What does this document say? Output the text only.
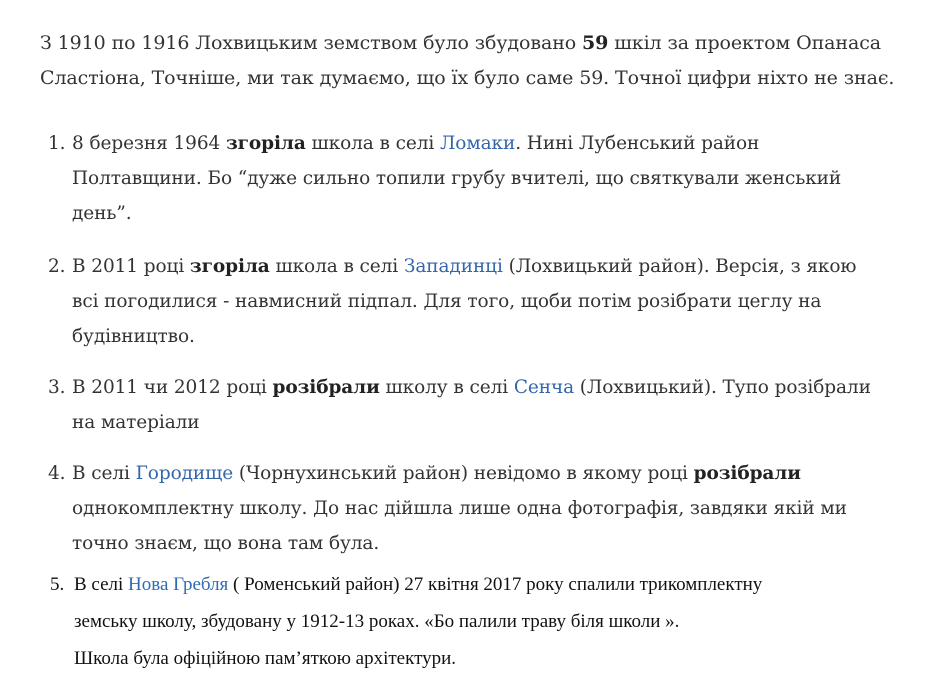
З 1910 по 1916 Лохвицьким земством було збудовано 59 шкіл за проектом Опанаса
Сластіона, Точніше, ми так думаємо, що їх було саме 59. Точної цифри ніхто не знає.
1. 8 березня 1964 згоріла школа в селі Ломаки. Нині Лубенський район
Полтавщини. Бо “дуже сильно топили грубу вчителі, що святкували женський
день”.
2. В 2011 році згоріла школа в селі Западинці (Лохвицький район). Версія, з якою
всі погодилися - навмисний підпал. Для того, щоби потім розібрати цеглу на
будівництво.
3. В 2011 чи 2012 році розібрали школу в селі Сенча (Лохвицький). Тупо розібрали
на матеріали
4. В селі Городище (Чорнухинський район) невідомо в якому році розібрали
однокомплектну школу. До нас дійшла лише одна фотографія, завдяки якій ми
точно знаєм, що вона там була.
5. В селі Нова Гребля ( Роменський район) 27 квітня 2017 року спалили трикомплектну
земську школу, збудовану у 1912-13 роках. «Бо палили траву біля школи ».
Школа була офіційною пам’яткою архітектури.
